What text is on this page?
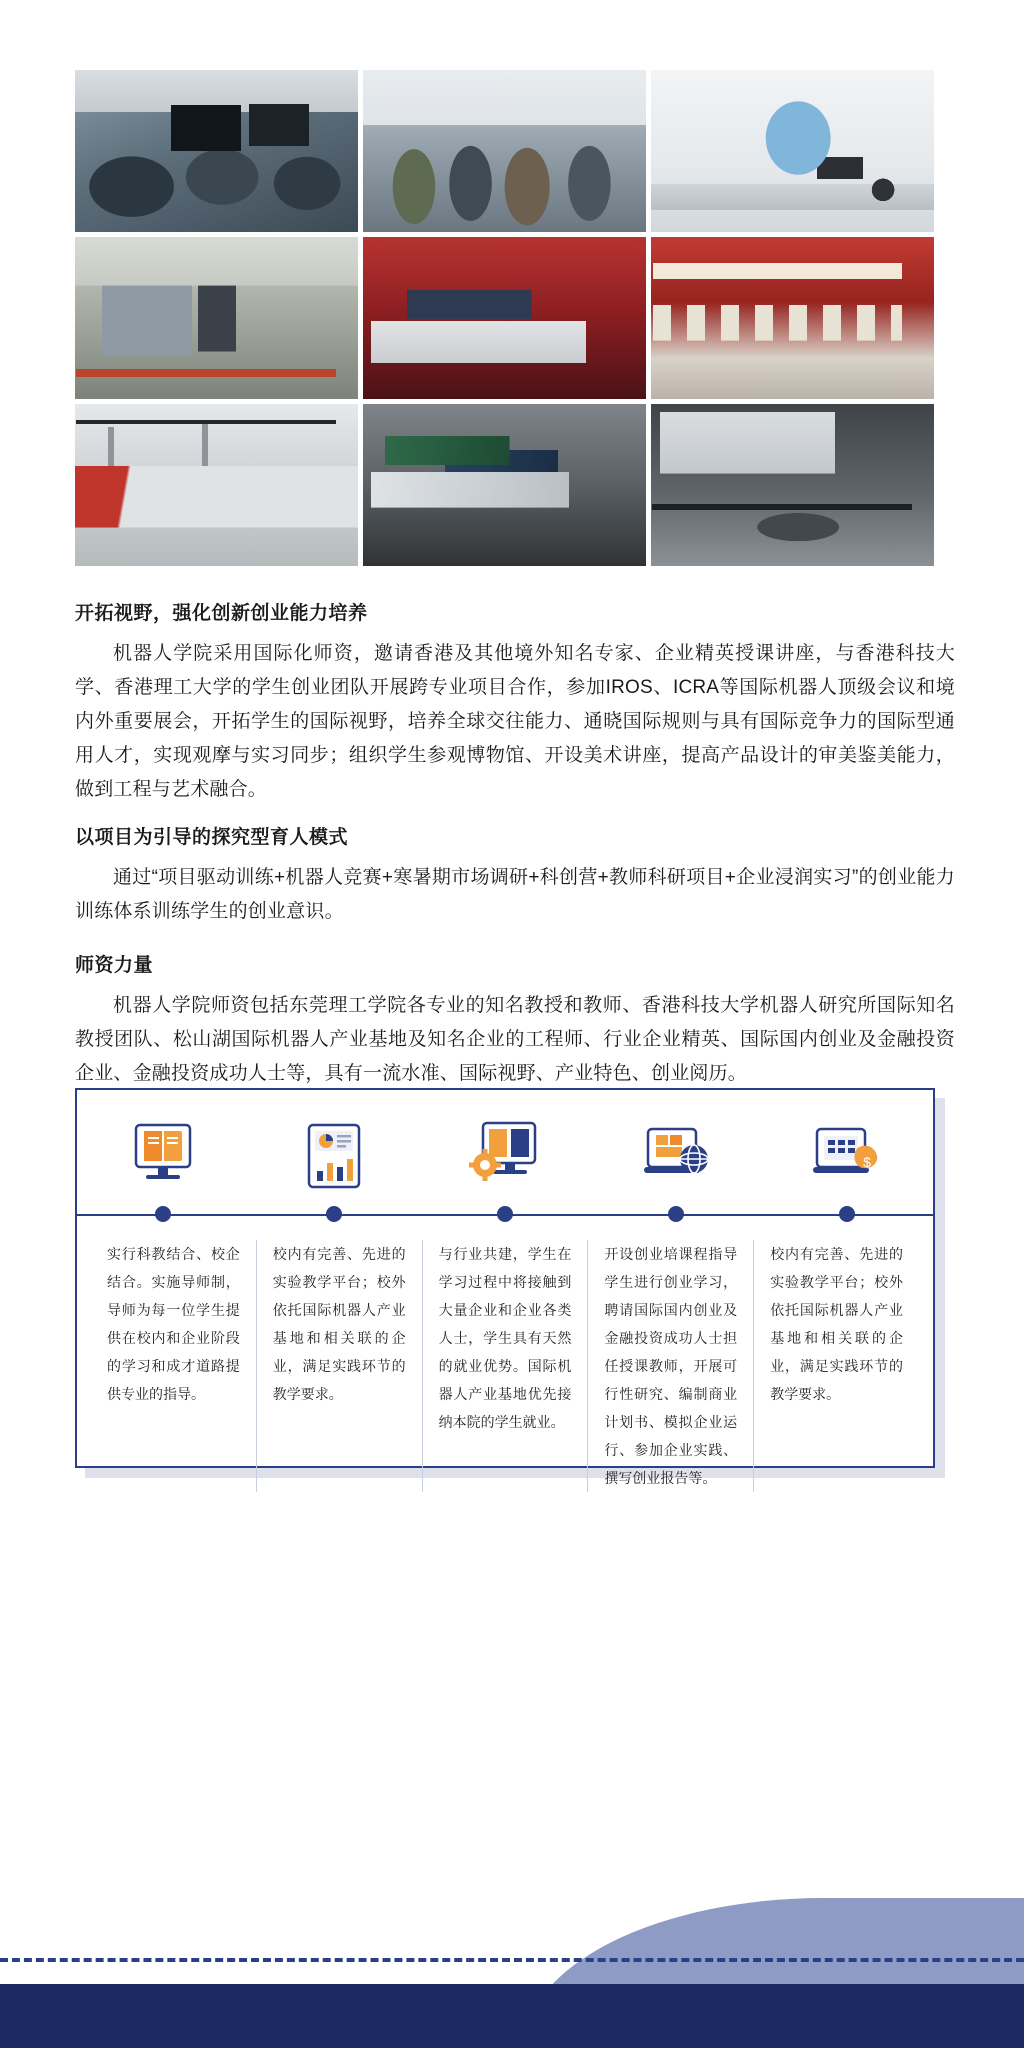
开拓视野，强化创新创业能力培养

机器人学院采用国际化师资，邀请香港及其他境外知名专家、企业精英授课讲座，与香港科技大学、香港理工大学的学生创业团队开展跨专业项目合作，参加IROS、ICRA等国际机器人顶级会议和境内外重要展会，开拓学生的国际视野，培养全球交往能力、通晓国际规则与具有国际竞争力的国际型通用人才，实现观摩与实习同步；组织学生参观博物馆、开设美术讲座，提高产品设计的审美鉴美能力，做到工程与艺术融合。

以项目为引导的探究型育人模式

通过“项目驱动训练+机器人竞赛+寒暑期市场调研+科创营+教师科研项目+企业浸润实习”的创业能力训练体系训练学生的创业意识。

师资力量

机器人学院师资包括东莞理工学院各专业的知名教授和教师、香港科技大学机器人研究所国际知名教授团队、松山湖国际机器人产业基地及知名企业的工程师、行业企业精英、国际国内创业及金融投资企业、金融投资成功人士等，具有一流水准、国际视野、产业特色、创业阅历。

$
实行科教结合、校企结合。实施导师制，导师为每一位学生提供在校内和企业阶段的学习和成才道路提供专业的指导。
校内有完善、先进的实验教学平台；校外依托国际机器人产业基地和相关联的企业，满足实践环节的教学要求。
与行业共建，学生在学习过程中将接触到大量企业和企业各类人士，学生具有天然的就业优势。国际机器人产业基地优先接纳本院的学生就业。
开设创业培课程指导学生进行创业学习，聘请国际国内创业及金融投资成功人士担任授课教师，开展可行性研究、编制商业计划书、模拟企业运行、参加企业实践、撰写创业报告等。
校内有完善、先进的实验教学平台；校外依托国际机器人产业基地和相关联的企业，满足实践环节的教学要求。
